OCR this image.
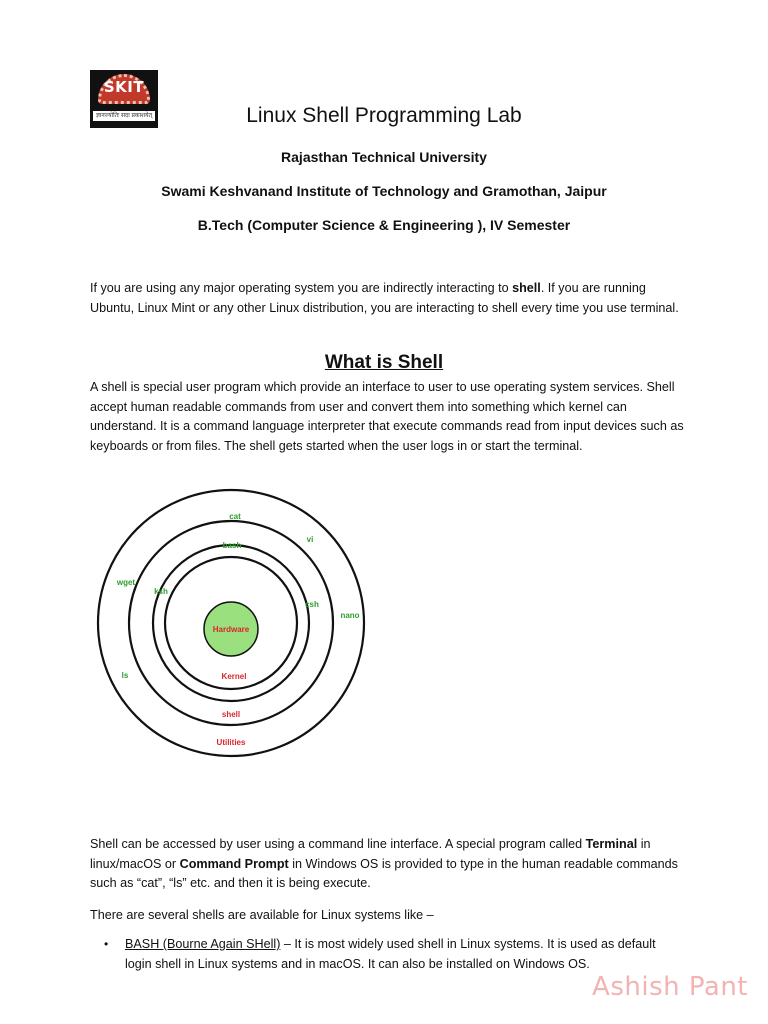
SKIT
ज्ञानज्योतिः सदा प्रकाशयेत्	Linux Shell Programming Lab
Rajasthan Technical University
Swami Keshvanand Institute of Technology and Gramothan, Jaipur
B.Tech (Computer Science & Engineering ), IV Semester

If you are using any major operating system you are indirectly interacting to shell. If you are running Ubuntu, Linux Mint or any other Linux distribution, you are interacting to shell every time you use terminal.

What is Shell

A shell is special user program which provide an interface to user to use operating system services. Shell accept human readable commands from user and convert them into something which kernel can understand. It is a command language interpreter that execute commands read from input devices such as keyboards or from files. The shell gets started when the user logs in or start the terminal.

Hardware
Kernel
shell
Utilities
cat
vi
bash
wget
ksh
csh
nano
ls

Shell can be accessed by user using a command line interface. A special program called Terminal in linux/macOS or Command Prompt in Windows OS is provided to type in the human readable commands such as “cat”, “ls” etc. and then it is being execute.

There are several shells are available for Linux systems like –

• BASH (Bourne Again SHell) – It is most widely used shell in Linux systems. It is used as default login shell in Linux systems and in macOS. It can also be installed on Windows OS.
Ashish Pant
